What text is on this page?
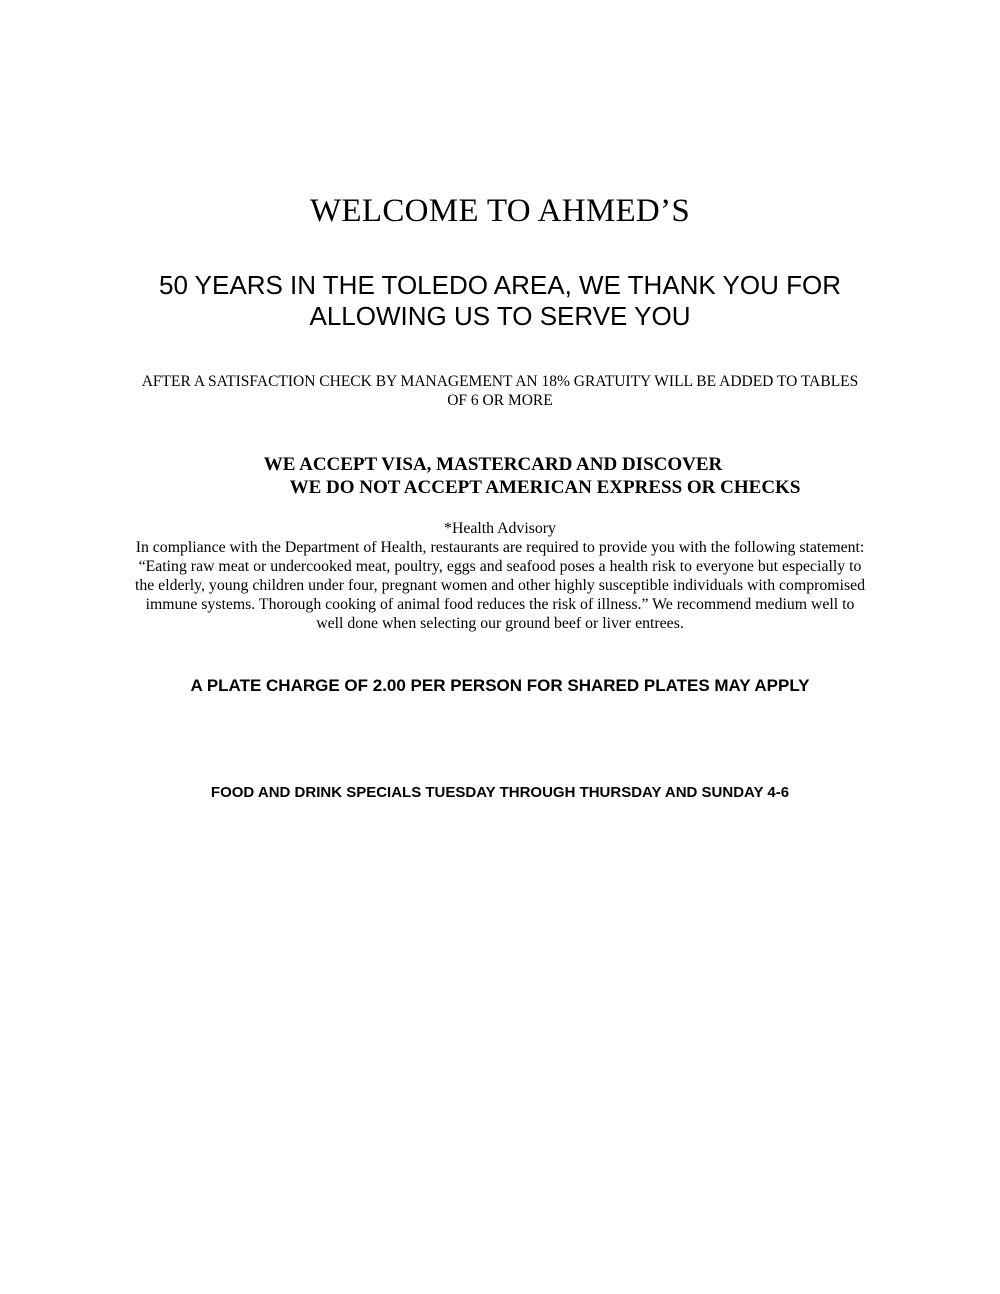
WELCOME TO AHMED’S

50 YEARS IN THE TOLEDO AREA, WE THANK YOU FOR

ALLOWING US TO SERVE YOU

AFTER A SATISFACTION CHECK BY MANAGEMENT AN 18% GRATUITY WILL BE ADDED TO TABLES

OF 6 OR MORE

WE ACCEPT VISA, MASTERCARD AND DISCOVER

WE DO NOT ACCEPT AMERICAN EXPRESS OR CHECKS

*Health Advisory

In compliance with the Department of Health, restaurants are required to provide you with the following statement:

“Eating raw meat or undercooked meat, poultry, eggs and seafood poses a health risk to everyone but especially to

the elderly, young children under four, pregnant women and other highly susceptible individuals with compromised

immune systems. Thorough cooking of animal food reduces the risk of illness.” We recommend medium well to

well done when selecting our ground beef or liver entrees.

A PLATE CHARGE OF 2.00 PER PERSON FOR SHARED PLATES MAY APPLY

FOOD AND DRINK SPECIALS TUESDAY THROUGH THURSDAY AND SUNDAY 4-6
